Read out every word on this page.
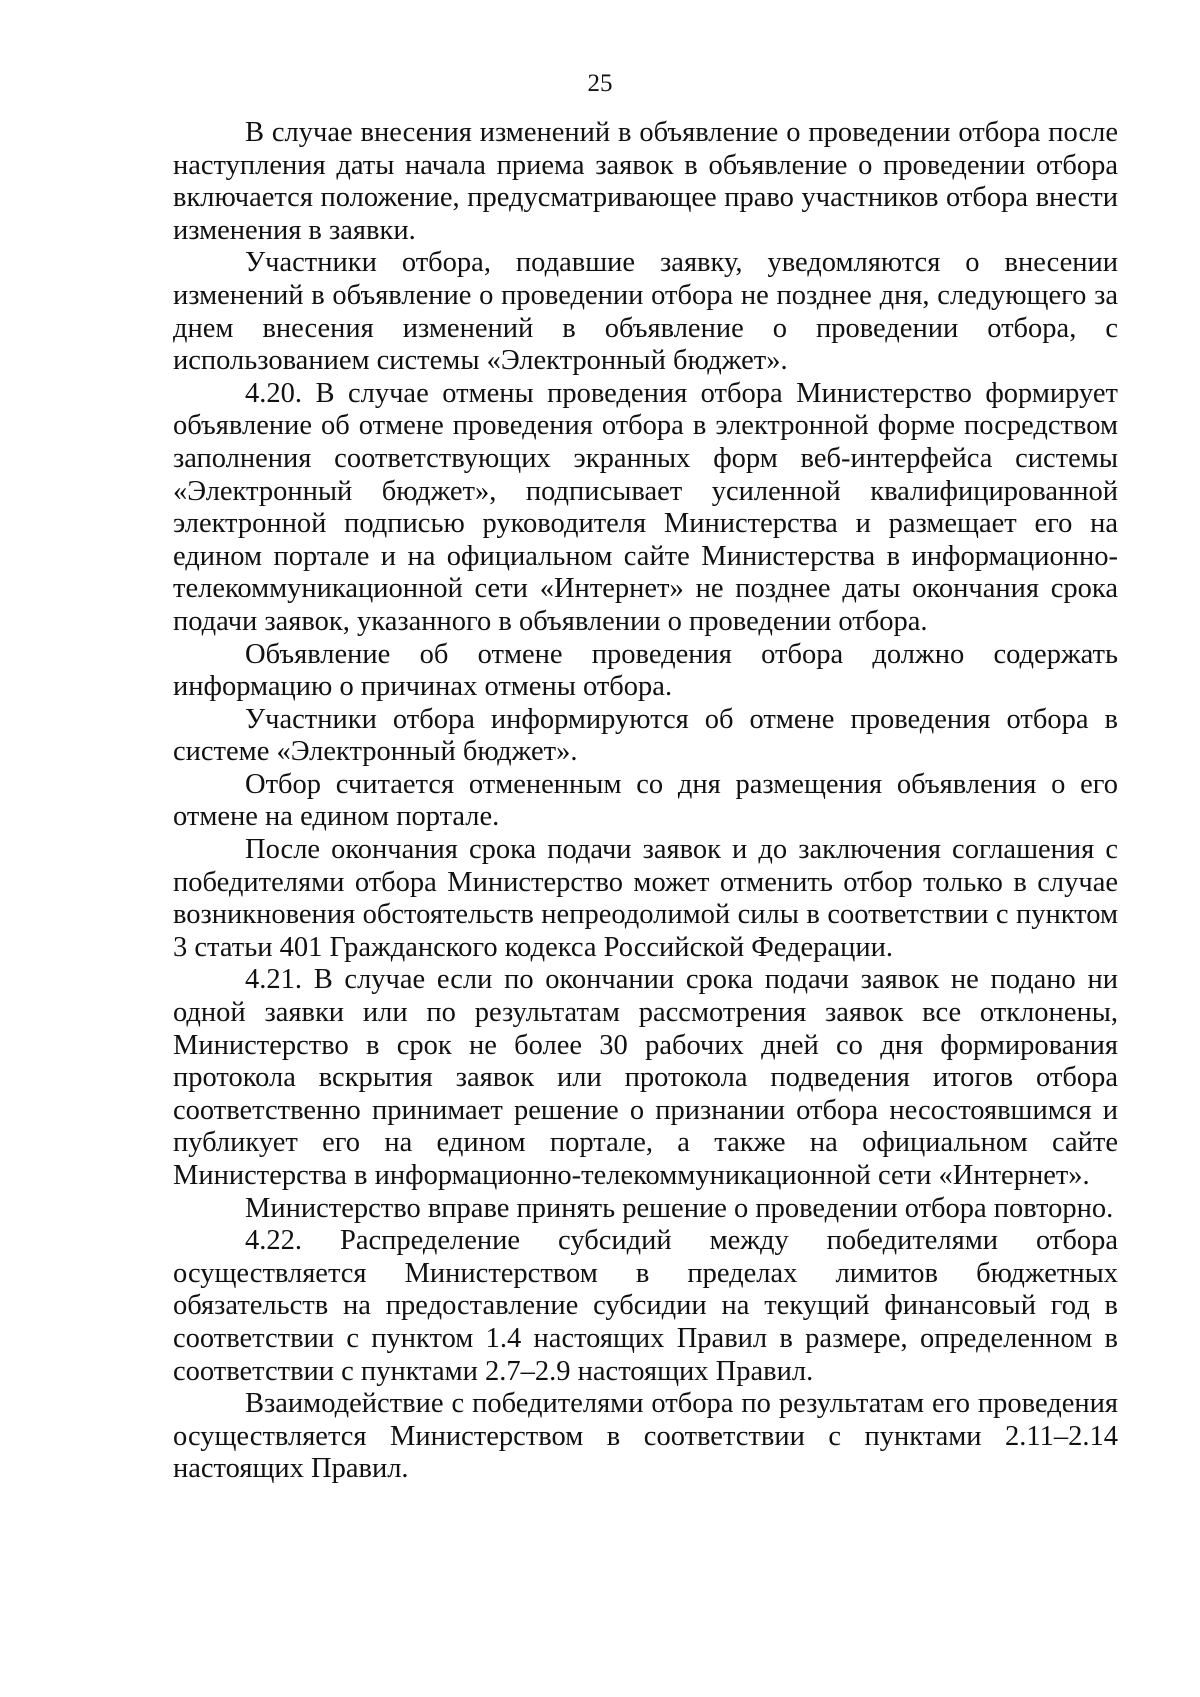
25

В случае внесения изменений в объявление о проведении отбора после наступления даты начала приема заявок в объявление о проведении отбора включается положение, предусматривающее право участников отбора внести изменения в заявки.

Участники отбора, подавшие заявку, уведомляются о внесении изменений в объявление о проведении отбора не позднее дня, следующего за днем внесения изменений в объявление о проведении отбора, с использованием системы «Электронный бюджет».

4.20. В случае отмены проведения отбора Министерство формирует объявление об отмене проведения отбора в электронной форме посредством заполнения соответствующих экранных форм веб-интерфейса системы «Электронный бюджет», подписывает усиленной квалифицированной электронной подписью руководителя Министерства и размещает его на едином портале и на официальном сайте Министерства в информационно-телекоммуникационной сети «Интернет» не позднее даты окончания срока подачи заявок, указанного в объявлении о проведении отбора.

Объявление об отмене проведения отбора должно содержать информацию о причинах отмены отбора.

Участники отбора информируются об отмене проведения отбора в системе «Электронный бюджет».

Отбор считается отмененным со дня размещения объявления о его отмене на едином портале.

После окончания срока подачи заявок и до заключения соглашения с победителями отбора Министерство может отменить отбор только в случае возникновения обстоятельств непреодолимой силы в соответствии с пунктом 3 статьи 401 Гражданского кодекса Российской Федерации.

4.21. В случае если по окончании срока подачи заявок не подано ни одной заявки или по результатам рассмотрения заявок все отклонены, Министерство в срок не более 30 рабочих дней со дня формирования протокола вскрытия заявок или протокола подведения итогов отбора соответственно принимает решение о признании отбора несостоявшимся и публикует его на едином портале, а также на официальном сайте Министерства в информационно-телекоммуникационной сети «Интернет».

Министерство вправе принять решение о проведении отбора повторно.

4.22. Распределение субсидий между победителями отбора осуществляется Министерством в пределах лимитов бюджетных обязательств на предоставление субсидии на текущий финансовый год в соответствии с пунктом 1.4 настоящих Правил в размере, определенном в соответствии с пунктами 2.7–2.9 настоящих Правил.

Взаимодействие с победителями отбора по результатам его проведения осуществляется Министерством в соответствии с пунктами 2.11–2.14 настоящих Правил.
